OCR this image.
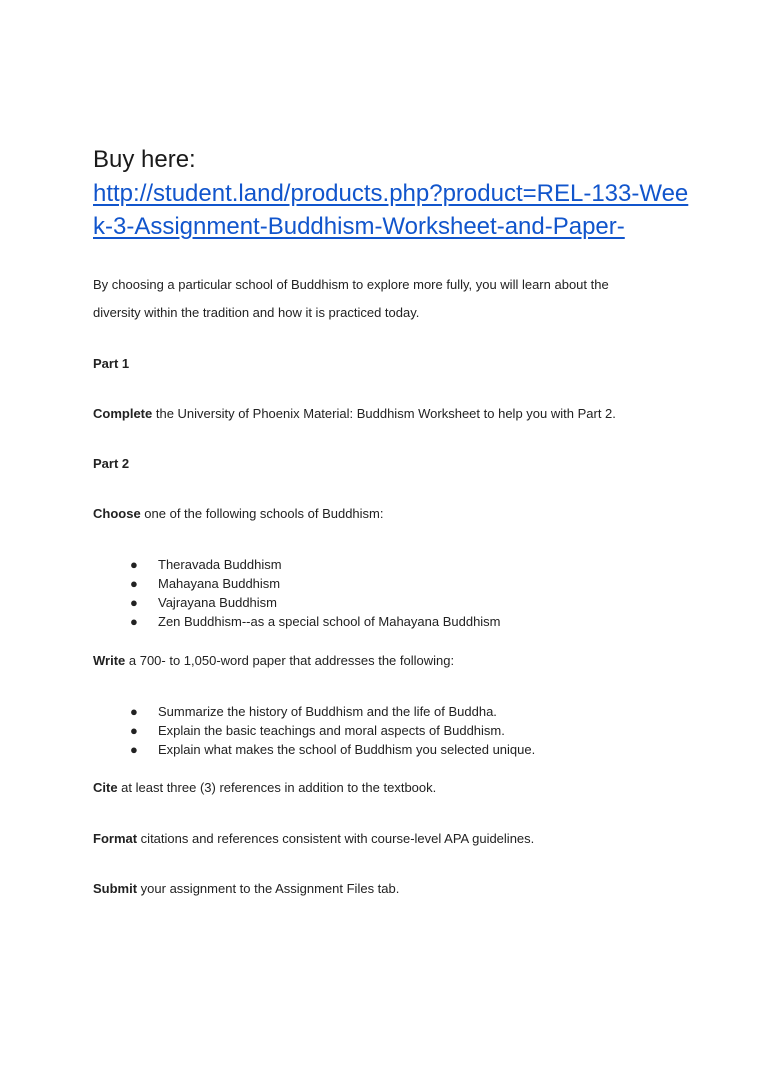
Buy here:
http://student.land/products.php?product=REL-133-Wee
k-3-Assignment-Buddhism-Worksheet-and-Paper-
By choosing a particular school of Buddhism to explore more fully, you will learn about the
diversity within the tradition and how it is practiced today.
Part 1
Complete the University of Phoenix Material: Buddhism Worksheet to help you with Part 2.
Part 2
Choose one of the following schools of Buddhism:
● Theravada Buddhism
● Mahayana Buddhism
● Vajrayana Buddhism
● Zen Buddhism--as a special school of Mahayana Buddhism
Write a 700- to 1,050-word paper that addresses the following:
● Summarize the history of Buddhism and the life of Buddha.
● Explain the basic teachings and moral aspects of Buddhism.
● Explain what makes the school of Buddhism you selected unique.
Cite at least three (3) references in addition to the textbook.
Format citations and references consistent with course-level APA guidelines.
Submit your assignment to the Assignment Files tab.
